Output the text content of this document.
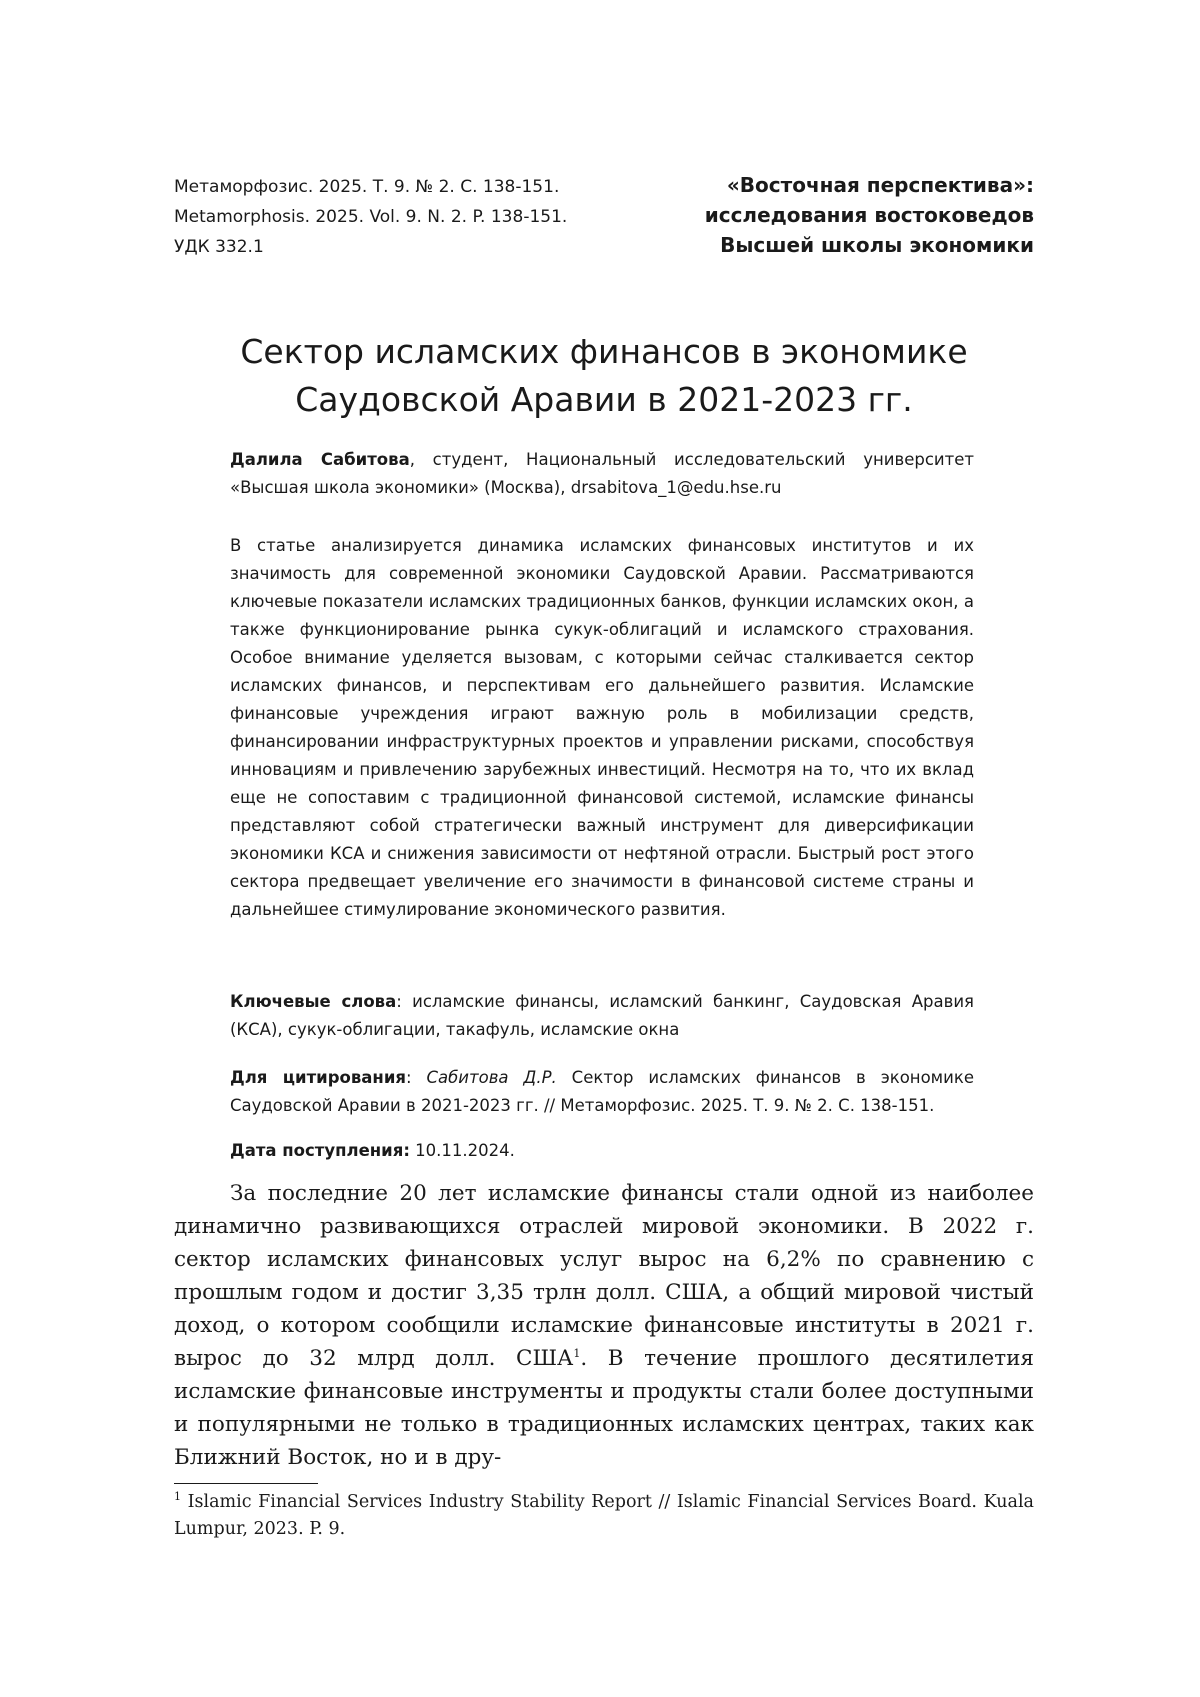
Метаморфозис. 2025. Т. 9. № 2. С. 138-151.
Metamorphosis. 2025. Vol. 9. N. 2. P. 138-151.
УДК 332.1
«Восточная перспектива»:
исследования востоковедов
Высшей школы экономики
Сектор исламских финансов в экономике
Саудовской Аравии в 2021-2023 гг.

Далила Сабитова, студент, Национальный исследовательский университет «Высшая школа экономики» (Москва), drsabitova_1@edu.hse.ru

В статье анализируется динамика исламских финансовых институтов и их значимость для современной экономики Саудовской Аравии. Рассматриваются ключевые показатели исламских традиционных банков, функции исламских окон, а также функционирование рынка сукук-облигаций и исламского страхования. Особое внимание уделяется вызовам, с которыми сейчас сталкивается сектор исламских финансов, и перспективам его дальнейшего развития. Исламские финансовые учреждения играют важную роль в мобилизации средств, финансировании инфраструктурных проектов и управлении рисками, способствуя инновациям и привлечению зарубежных инвестиций. Несмотря на то, что их вклад еще не сопоставим с традиционной финансовой системой, исламские финансы представляют собой стратегически важный инструмент для диверсификации экономики КСА и снижения зависимости от нефтяной отрасли. Быстрый рост этого сектора предвещает увеличение его значимости в финансовой системе страны и дальнейшее стимулирование экономического развития.

Ключевые слова: исламские финансы, исламский банкинг, Саудовская Аравия (КСА), сукук-облигации, такафуль, исламские окна

Для цитирования: Сабитова Д.Р. Сектор исламских финансов в экономике Саудовской Аравии в 2021-2023 гг. // Метаморфозис. 2025. Т. 9. № 2. С. 138-151.

Дата поступления: 10.11.2024.

За последние 20 лет исламские финансы стали одной из наиболее динамично развивающихся отраслей мировой экономики. В 2022 г. сектор исламских финансовых услуг вырос на 6,2% по сравнению с прошлым годом и достиг 3,35 трлн долл. США, а общий мировой чистый доход, о котором сообщили исламские финансовые институты в 2021 г. вырос до 32 млрд долл. США1. В течение прошлого десятилетия исламские финансовые инструменты и продукты стали более доступными и популярными не только в традиционных исламских центрах, таких как Ближний Восток, но и в дру-

1 Islamic Financial Services Industry Stability Report // Islamic Financial Services Board. Kuala Lumpur, 2023. P. 9.
